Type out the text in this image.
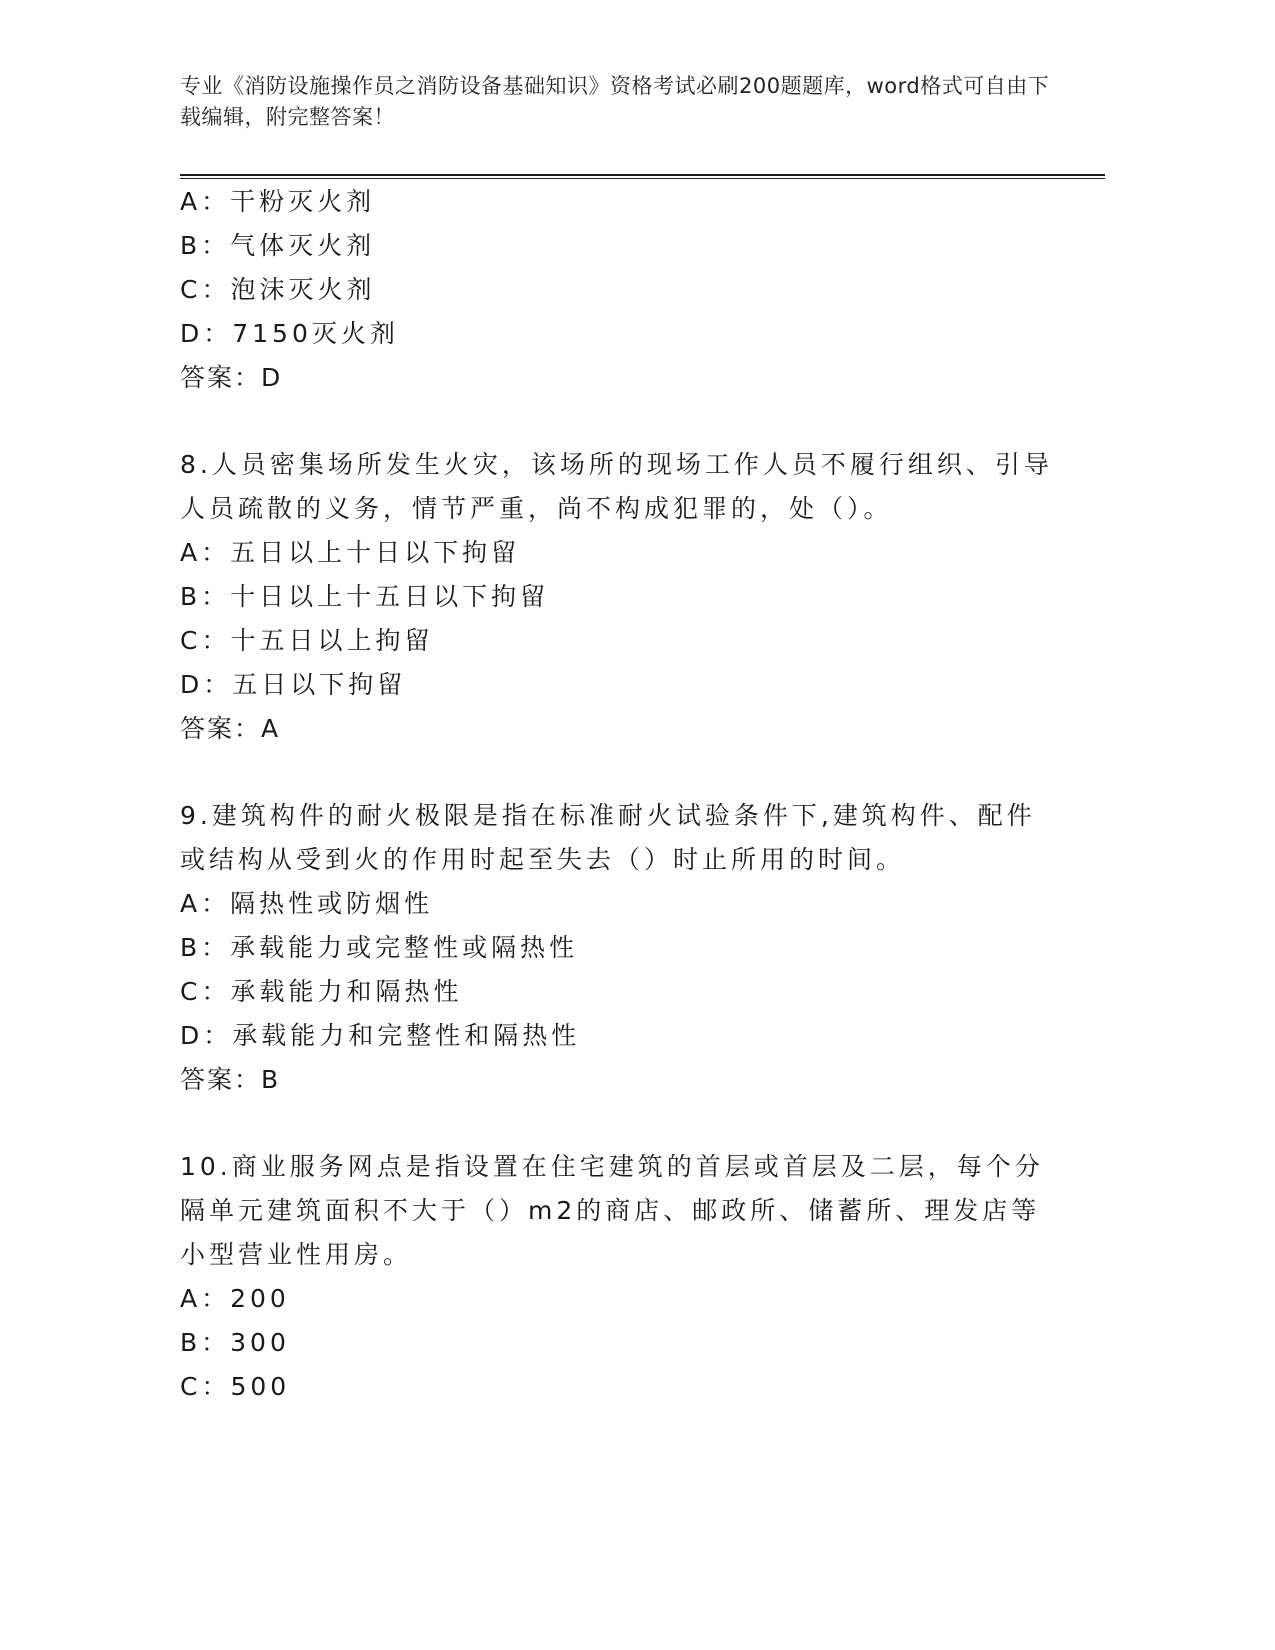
专业《消防设施操作员之消防设备基础知识》资格考试必刷200题题库，word格式可自由下载编辑，附完整答案！
A：干粉灭火剂
B：气体灭火剂
C：泡沫灭火剂
D：7150灭火剂
答案：D
8.人员密集场所发生火灾，该场所的现场工作人员不履行组织、引导人员疏散的义务，情节严重，尚不构成犯罪的，处（）。
A：五日以上十日以下拘留
B：十日以上十五日以下拘留
C：十五日以上拘留
D：五日以下拘留
答案：A
9.建筑构件的耐火极限是指在标准耐火试验条件下,建筑构件、配件或结构从受到火的作用时起至失去（）时止所用的时间。
A：隔热性或防烟性
B：承载能力或完整性或隔热性
C：承载能力和隔热性
D：承载能力和完整性和隔热性
答案：B
10.商业服务网点是指设置在住宅建筑的首层或首层及二层，每个分隔单元建筑面积不大于（）m2的商店、邮政所、储蓄所、理发店等小型营业性用房。
A：200
B：300
C：500
